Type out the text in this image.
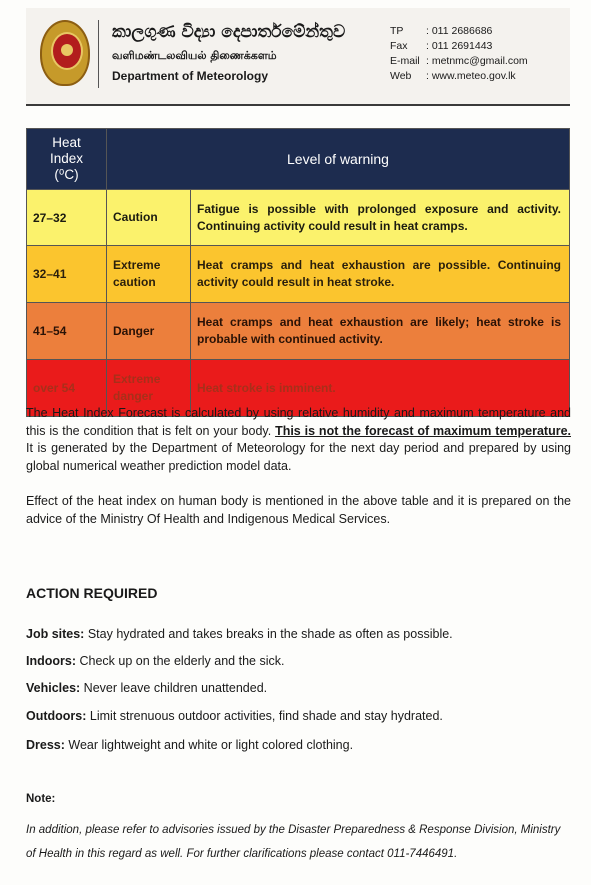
කාලගුණ විද්‍යා දෙපාර්තමේන්තුව
வளிமண்டலவியல் திணைக்களம்
Department of Meteorology
TP : 011 2686686
Fax : 011 2691443
E-mail : metnmc@gmail.com
Web : www.meteo.gov.lk
Heat
Index
(⁰C)	Level of warning	
27–32	Caution	Fatigue is possible with prolonged exposure and activity. Continuing activity could result in heat cramps.
32–41	Extreme caution	Heat cramps and heat exhaustion are possible. Continuing activity could result in heat stroke.
41–54	Danger	Heat cramps and heat exhaustion are likely; heat stroke is probable with continued activity.
over 54	Extreme danger	Heat stroke is imminent.
The Heat Index Forecast is calculated by using relative humidity and maximum temperature and this is the condition that is felt on your body. This is not the forecast of maximum temperature. It is generated by the Department of Meteorology for the next day period and prepared by using global numerical weather prediction model data.
Effect of the heat index on human body is mentioned in the above table and it is prepared on the advice of the Ministry Of Health and Indigenous Medical Services.
ACTION REQUIRED
Job sites: Stay hydrated and takes breaks in the shade as often as possible.
Indoors: Check up on the elderly and the sick.
Vehicles: Never leave children unattended.
Outdoors: Limit strenuous outdoor activities, find shade and stay hydrated.
Dress: Wear lightweight and white or light colored clothing.
Note:
In addition, please refer to advisories issued by the Disaster Preparedness & Response Division, Ministry of Health in this regard as well. For further clarifications please contact 011-7446491.
